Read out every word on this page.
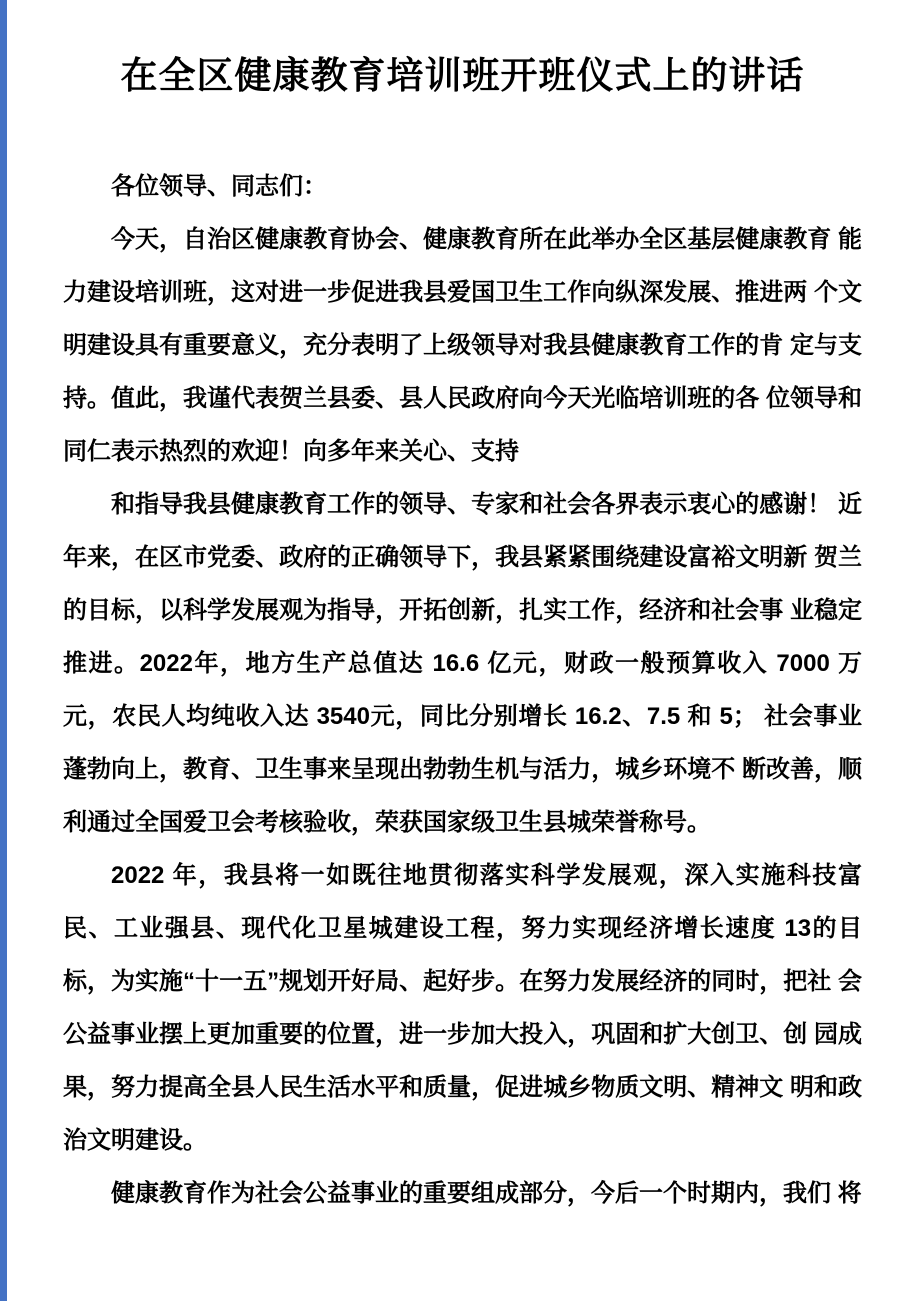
在全区健康教育培训班开班仪式上的讲话

各位领导、同志们：

今天，自治区健康教育协会、健康教育所在此举办全区基层健康教育 能力建设培训班，这对进一步促进我县爱国卫生工作向纵深发展、推进两 个文明建设具有重要意义，充分表明了上级领导对我县健康教育工作的肯 定与支持。值此，我谨代表贺兰县委、县人民政府向今天光临培训班的各 位领导和同仁表示热烈的欢迎！向多年来关心、支持

和指导我县健康教育工作的领导、专家和社会各界表示衷心的感谢！ 近年来，在区市党委、政府的正确领导下，我县紧紧围绕建设富裕文明新 贺兰的目标，以科学发展观为指导，开拓创新，扎实工作，经济和社会事 业稳定推进。2022年，地方生产总值达 16.6 亿元，财政一般预算收入 7000 万元，农民人均纯收入达 3540元，同比分别增长 16.2、7.5 和 5； 社会事业蓬勃向上，教育、卫生事来呈现出勃勃生机与活力，城乡环境不 断改善，顺利通过全国爱卫会考核验收，荣获国家级卫生县城荣誉称号。

2022 年，我县将一如既往地贯彻落实科学发展观，深入实施科技富 民、工业强县、现代化卫星城建设工程，努力实现经济增长速度 13的目 标，为实施“十一五”规划开好局、起好步。在努力发展经济的同时，把社 会公益事业摆上更加重要的位置，进一步加大投入，巩固和扩大创卫、创 园成果，努力提高全县人民生活水平和质量，促进城乡物质文明、精神文 明和政治文明建设。

健康教育作为社会公益事业的重要组成部分，今后一个时期内，我们 将
